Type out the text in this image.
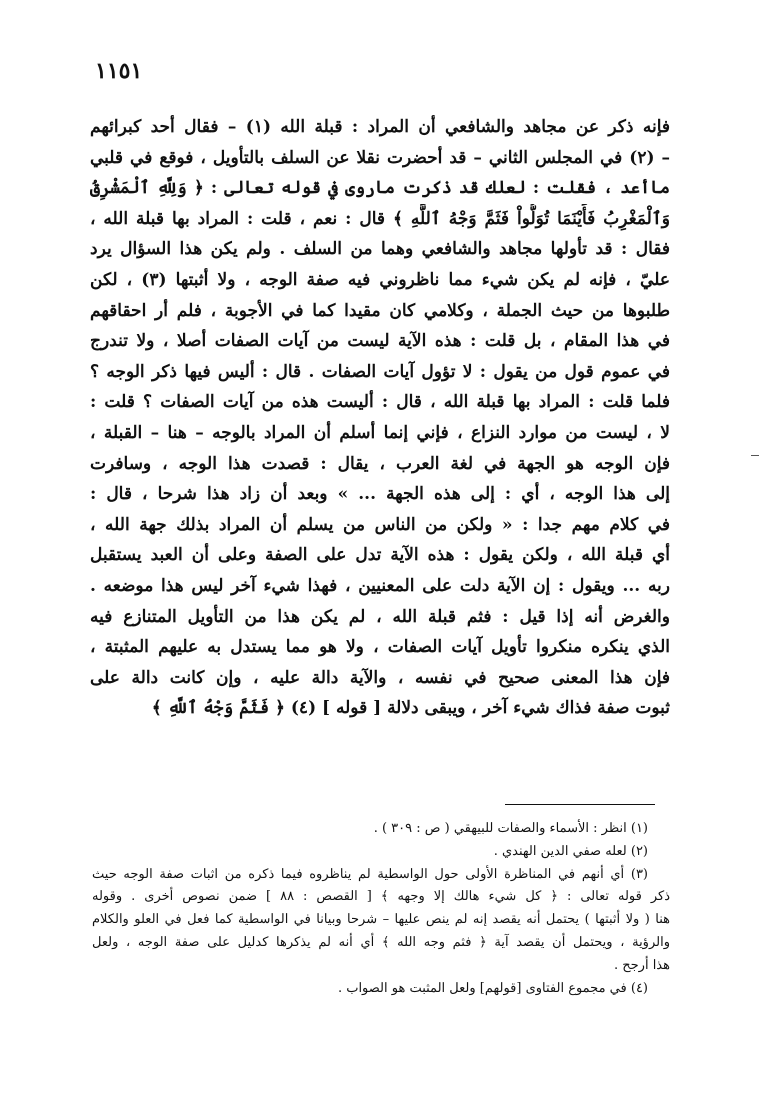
١١٥١
فإنه ذكر عن مجاهد والشافعي أن المراد : قبلة الله (١) – فقال أحد كبرائهم
– (٢) في المجلس الثاني – قد أحضرت نقلا عن السلف بالتأويل ، فوقع في قلبي
ماأعد ، فقلت : لعلك قد ذكرت ماروى في قوله تعالى : ﴿ وَلِلَّهِ ٱلْمَشْرِقُ
وَٱلْمَغْرِبُ فَأَيْنَمَا تُوَلُّواْ فَثَمَّ وَجْهُ ٱللَّهِ ﴾ قال : نعم ، قلت : المراد بها قبلة الله ،
فقال : قد تأولها مجاهد والشافعي وهما من السلف . ولم يكن هذا السؤال يرد
عليّ ، فإنه لم يكن شيء مما ناظروني فيه صفة الوجه ، ولا أثبتها (٣) ، لكن
طلبوها من حيث الجملة ، وكلامي كان مقيدا كما في الأجوبة ، فلم أر احقاقهم
في هذا المقام ، بل قلت : هذه الآية ليست من آيات الصفات أصلا ، ولا تندرج
في عموم قول من يقول : لا تؤول آيات الصفات . قال : أليس فيها ذكر الوجه ؟
فلما قلت : المراد بها قبلة الله ، قال : أليست هذه من آيات الصفات ؟ قلت :
لا ، ليست من موارد النزاع ، فإني إنما أسلم أن المراد بالوجه – هنا – القبلة ،
فإن الوجه هو الجهة في لغة العرب ، يقال : قصدت هذا الوجه ، وسافرت
إلى هذا الوجه ، أي : إلى هذه الجهة ... » وبعد أن زاد هذا شرحا ، قال :
في كلام مهم جدا : « ولكن من الناس من يسلم أن المراد بذلك جهة الله ،
أي قبلة الله ، ولكن يقول : هذه الآية تدل على الصفة وعلى أن العبد يستقبل
ربه ... ويقول : إن الآية دلت على المعنيين ، فهذا شيء آخر ليس هذا موضعه .
والغرض أنه إذا قيل : فثم قبلة الله ، لم يكن هذا من التأويل المتنازع فيه
الذي ينكره منكروا تأويل آيات الصفات ، ولا هو مما يستدل به عليهم المثبتة ،
فإن هذا المعنى صحيح في نفسه ، والآية دالة عليه ، وإن كانت دالة على
ثبوت صفة فذاك شيء آخر ، ويبقى دلالة [ قوله ] (٤) ﴿ فَثَمَّ وَجْهُ ٱللَّهِ ﴾
(١) انظر : الأسماء والصفات للبيهقي ( ص : ٣٠٩ ) .
(٢) لعله صفي الدين الهندي .
(٣) أي أنهم في المناظرة الأولى حول الواسطية لم يناظروه فيما ذكره من اثبات صفة الوجه حيث
ذكر قوله تعالى : ﴿ كل شيء هالك إلا وجهه ﴾ [ القصص : ٨٨ ] ضمن نصوص أخرى . وقوله
هنا ( ولا أثبتها ) يحتمل أنه يقصد إنه لم ينص عليها – شرحا وبيانا في الواسطية كما فعل في العلو والكلام
والرؤية ، ويحتمل أن يقصد آية ﴿ فثم وجه الله ﴾ أي أنه لم يذكرها كدليل على صفة الوجه ، ولعل
هذا أرجح .
(٤) في مجموع الفتاوى [قولهم] ولعل المثبت هو الصواب .
